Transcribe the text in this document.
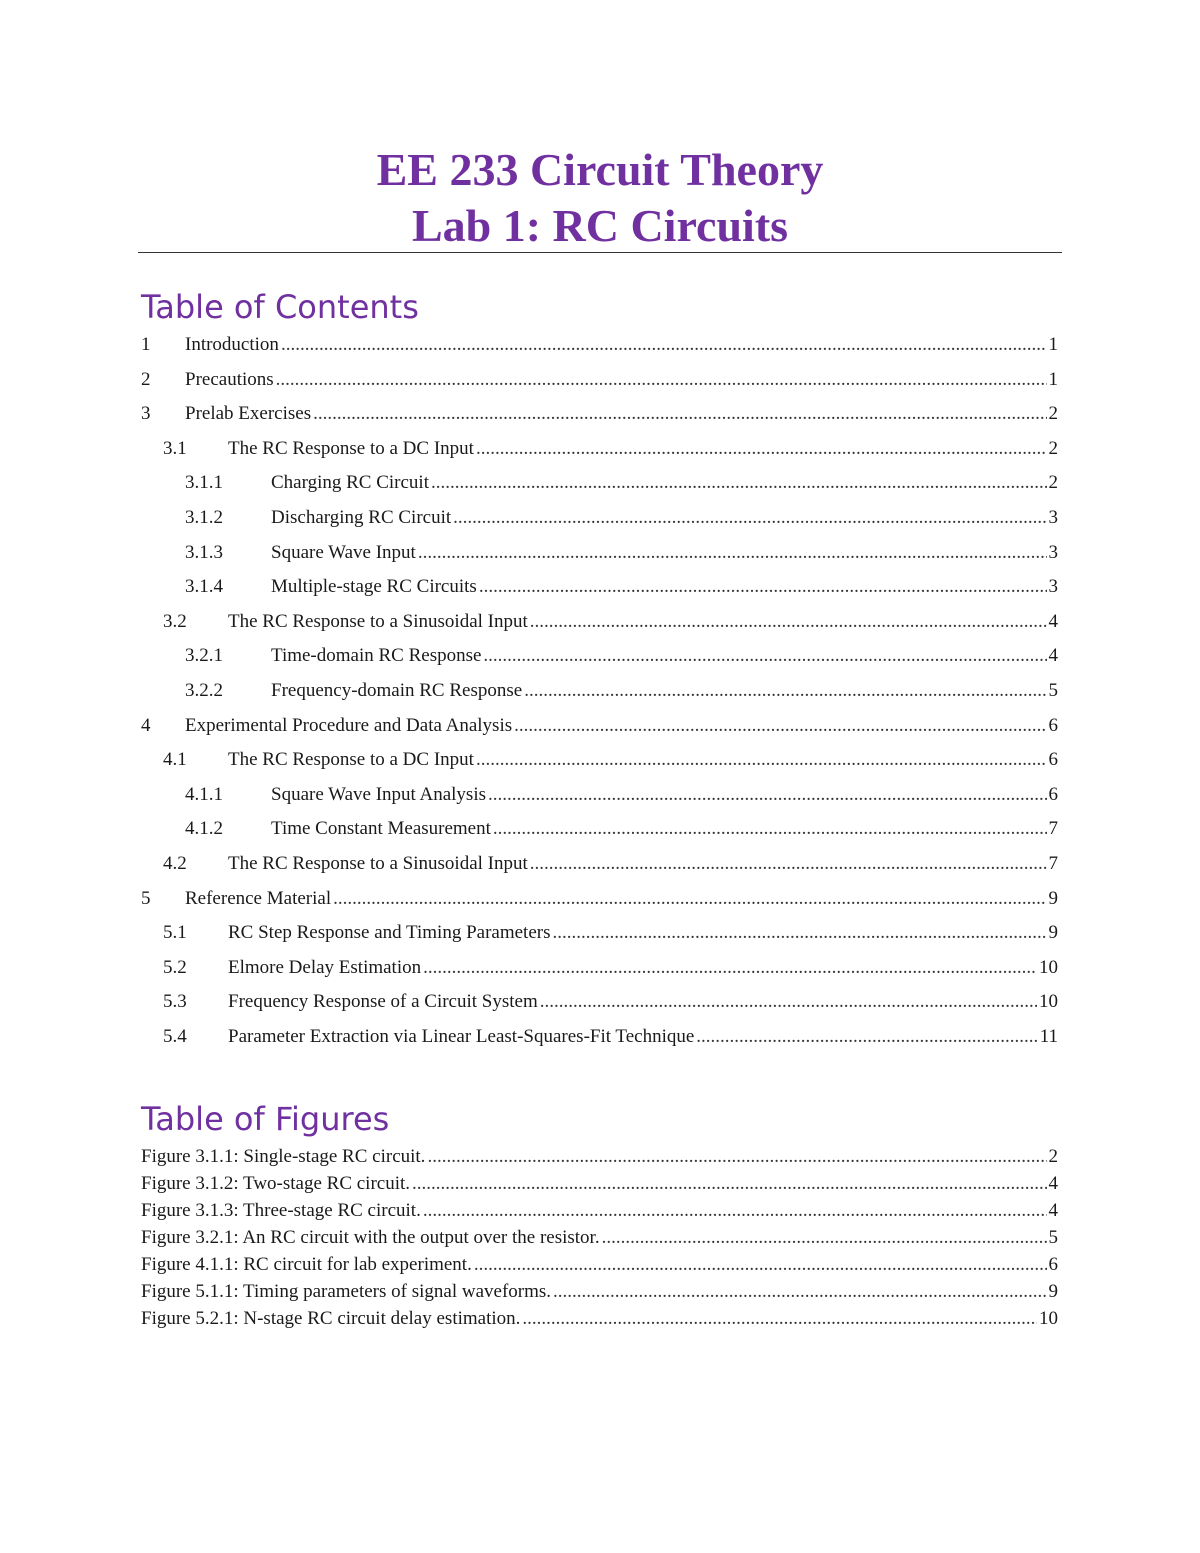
EE 233 Circuit Theory
Lab 1: RC Circuits
Table of Contents
1 Introduction .....	1
2 Precautions .....	1
3 Prelab Exercises .....	2
3.1 The RC Response to a DC Input .....	2
3.1.1	Charging RC Circuit .....	2
3.1.2	Discharging RC Circuit .....	3
3.1.3	Square Wave Input .....	3
3.1.4	Multiple-stage RC Circuits .....	3
3.2 The RC Response to a Sinusoidal Input .....	4
3.2.1	Time-domain RC Response .....	4
3.2.2	Frequency-domain RC Response .....	5
4 Experimental Procedure and Data Analysis .....	6
4.1 The RC Response to a DC Input .....	6
4.1.1	Square Wave Input Analysis .....	6
4.1.2	Time Constant Measurement .....	7
4.2 The RC Response to a Sinusoidal Input .....	7
5 Reference Material .....	9
5.1 RC Step Response and Timing Parameters .....	9
5.2 Elmore Delay Estimation .....	10
5.3 Frequency Response of a Circuit System .....	10
5.4 Parameter Extraction via Linear Least-Squares-Fit Technique .....	11
Table of Figures
Figure 3.1.1: Single-stage RC circuit. .....	2
Figure 3.1.2: Two-stage RC circuit. .....	4
Figure 3.1.3: Three-stage RC circuit. .....	4
Figure 3.2.1: An RC circuit with the output over the resistor. .....	5
Figure 4.1.1: RC circuit for lab experiment. .....	6
Figure 5.1.1: Timing parameters of signal waveforms. .....	9
Figure 5.2.1: N-stage RC circuit delay estimation. .....	10
